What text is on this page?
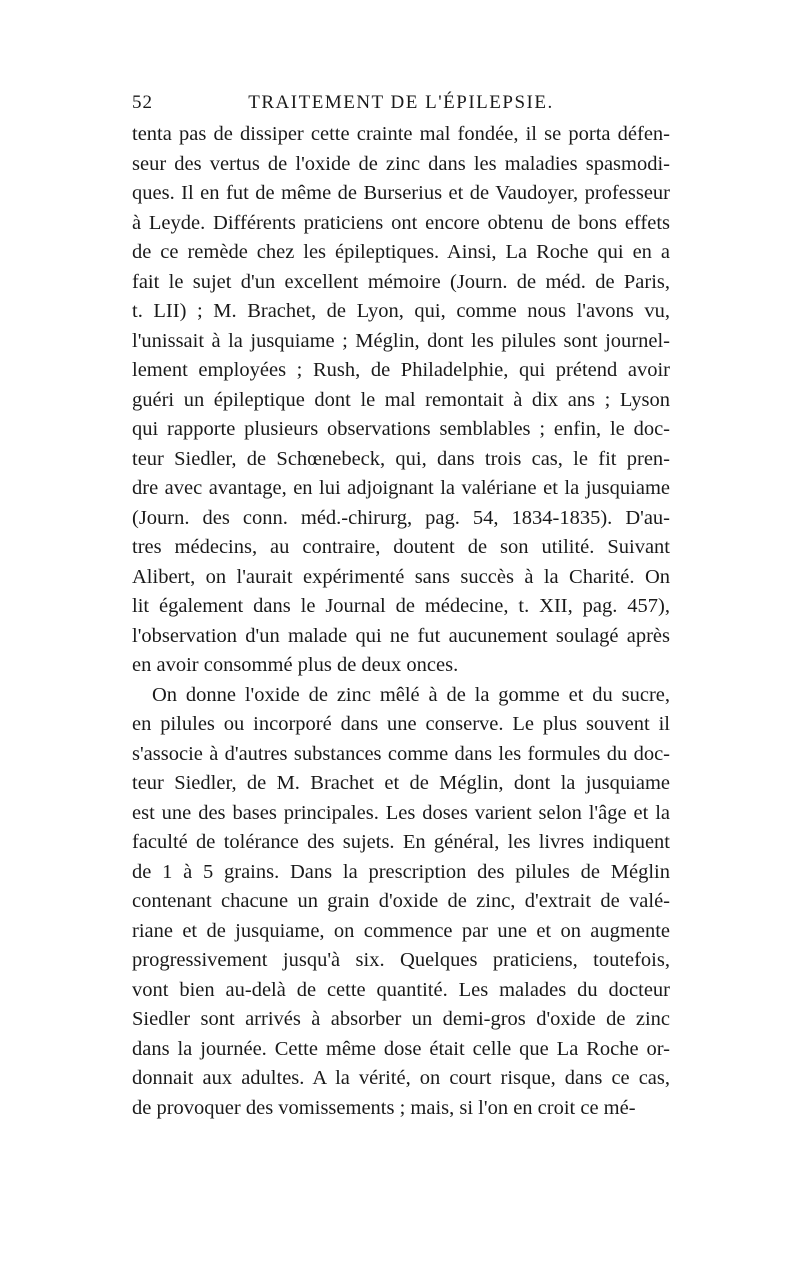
52	TRAITEMENT DE L'ÉPILEPSIE.
tenta pas de dissiper cette crainte mal fondée, il se porta défen-
seur des vertus de l'oxide de zinc dans les maladies spasmodi-
ques. Il en fut de même de Burserius et de Vaudoyer, professeur
à Leyde. Différents praticiens ont encore obtenu de bons effets
de ce remède chez les épileptiques. Ainsi, La Roche qui en a
fait le sujet d'un excellent mémoire (Journ. de méd. de Paris,
t. LII) ; M. Brachet, de Lyon, qui, comme nous l'avons vu,
l'unissait à la jusquiame ; Méglin, dont les pilules sont journel-
lement employées ; Rush, de Philadelphie, qui prétend avoir
guéri un épileptique dont le mal remontait à dix ans ; Lyson
qui rapporte plusieurs observations semblables ; enfin, le doc-
teur Siedler, de Schœnebeck, qui, dans trois cas, le fit pren-
dre avec avantage, en lui adjoignant la valériane et la jusquiame
(Journ. des conn. méd.-chirurg, pag. 54, 1834-1835). D'au-
tres médecins, au contraire, doutent de son utilité. Suivant
Alibert, on l'aurait expérimenté sans succès à la Charité. On
lit également dans le Journal de médecine, t. XII, pag. 457),
l'observation d'un malade qui ne fut aucunement soulagé après
en avoir consommé plus de deux onces.
On donne l'oxide de zinc mêlé à de la gomme et du sucre,
en pilules ou incorporé dans une conserve. Le plus souvent il
s'associe à d'autres substances comme dans les formules du doc-
teur Siedler, de M. Brachet et de Méglin, dont la jusquiame
est une des bases principales. Les doses varient selon l'âge et la
faculté de tolérance des sujets. En général, les livres indiquent
de 1 à 5 grains. Dans la prescription des pilules de Méglin
contenant chacune un grain d'oxide de zinc, d'extrait de valé-
riane et de jusquiame, on commence par une et on augmente
progressivement jusqu'à six. Quelques praticiens, toutefois,
vont bien au-delà de cette quantité. Les malades du docteur
Siedler sont arrivés à absorber un demi-gros d'oxide de zinc
dans la journée. Cette même dose était celle que La Roche or-
donnait aux adultes. A la vérité, on court risque, dans ce cas,
de provoquer des vomissements ; mais, si l'on en croit ce mé-
